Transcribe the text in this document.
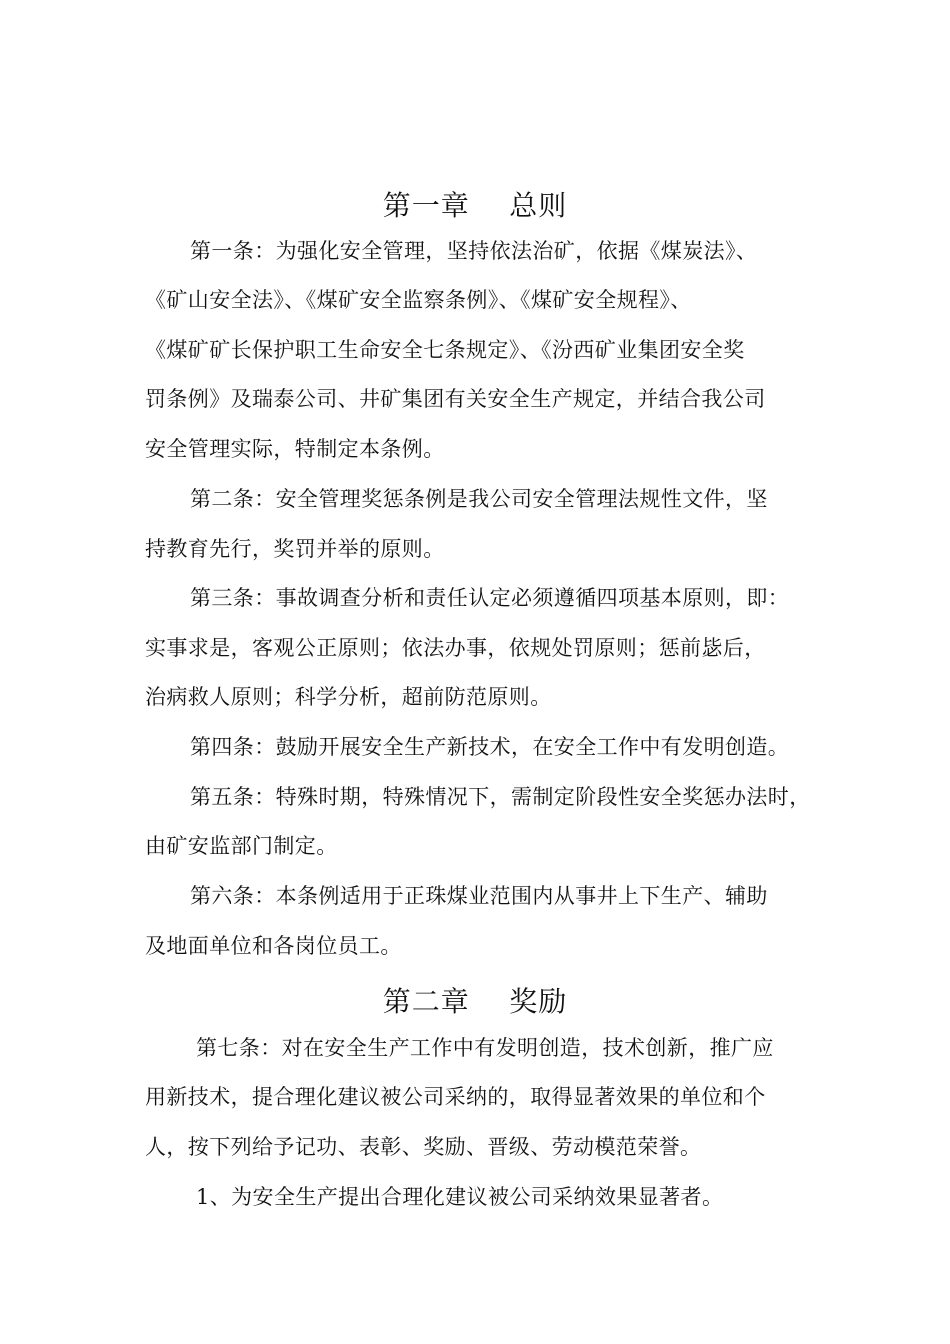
第一章    总则
第一条：为强化安全管理，坚持依法治矿，依据《煤炭法》、
《矿山安全法》、《煤矿安全监察条例》、《煤矿安全规程》、
《煤矿矿长保护职工生命安全七条规定》、《汾西矿业集团安全奖
罚条例》及瑞泰公司、井矿集团有关安全生产规定，并结合我公司
安全管理实际，特制定本条例。
第二条：安全管理奖惩条例是我公司安全管理法规性文件，坚
持教育先行，奖罚并举的原则。
第三条：事故调查分析和责任认定必须遵循四项基本原则，即：
实事求是，客观公正原则；依法办事，依规处罚原则；惩前毖后，
治病救人原则；科学分析，超前防范原则。
第四条：鼓励开展安全生产新技术，在安全工作中有发明创造。
第五条：特殊时期，特殊情况下，需制定阶段性安全奖惩办法时，
由矿安监部门制定。
第六条：本条例适用于正珠煤业范围内从事井上下生产、辅助
及地面单位和各岗位员工。
第二章    奖励
第七条：对在安全生产工作中有发明创造，技术创新，推广应
用新技术，提合理化建议被公司采纳的，取得显著效果的单位和个
人，按下列给予记功、表彰、奖励、晋级、劳动模范荣誉。
1、为安全生产提出合理化建议被公司采纳效果显著者。
